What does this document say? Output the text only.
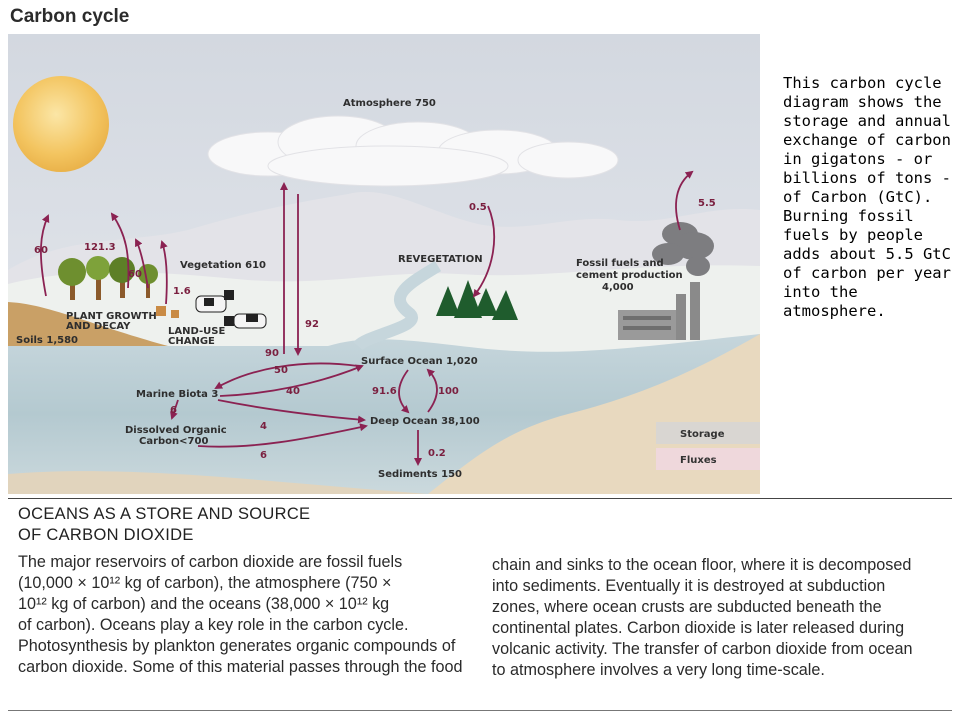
Carbon cycle
Atmosphere 750
Vegetation 610
Soils 1,580
Fossil fuels and
cement production
4,000
Surface Ocean 1,020
Marine Biota 3
Dissolved Organic
Carbon<700
Deep Ocean 38,100
Sediments 150
PLANT GROWTH
AND DECAY	LAND-USE
CHANGE
REVEGETATION
60	121.3
60
1.6
0.5	5.5
90
92
50
40
6
4
6
91.6	100
0.2
Storage
Fluxes
This carbon cycle diagram shows the storage and annual exchange of carbon in gigatons - or billions of tons - of Carbon (GtC). Burning fossil fuels by people adds about 5.5 GtC of carbon per year into the atmosphere.
OCEANS AS A STORE AND SOURCE
OF CARBON DIOXIDE
The major reservoirs of carbon dioxide are fossil fuels
(10,000 × 10¹² kg of carbon), the atmosphere (750 ×
10¹² kg of carbon) and the oceans (38,000 × 10¹² kg
of carbon). Oceans play a key role in the carbon cycle.
Photosynthesis by plankton generates organic compounds of
carbon dioxide. Some of this material passes through the food
chain and sinks to the ocean floor, where it is decomposed
into sediments. Eventually it is destroyed at subduction
zones, where ocean crusts are subducted beneath the
continental plates. Carbon dioxide is later released during
volcanic activity. The transfer of carbon dioxide from ocean
to atmosphere involves a very long time-scale.
